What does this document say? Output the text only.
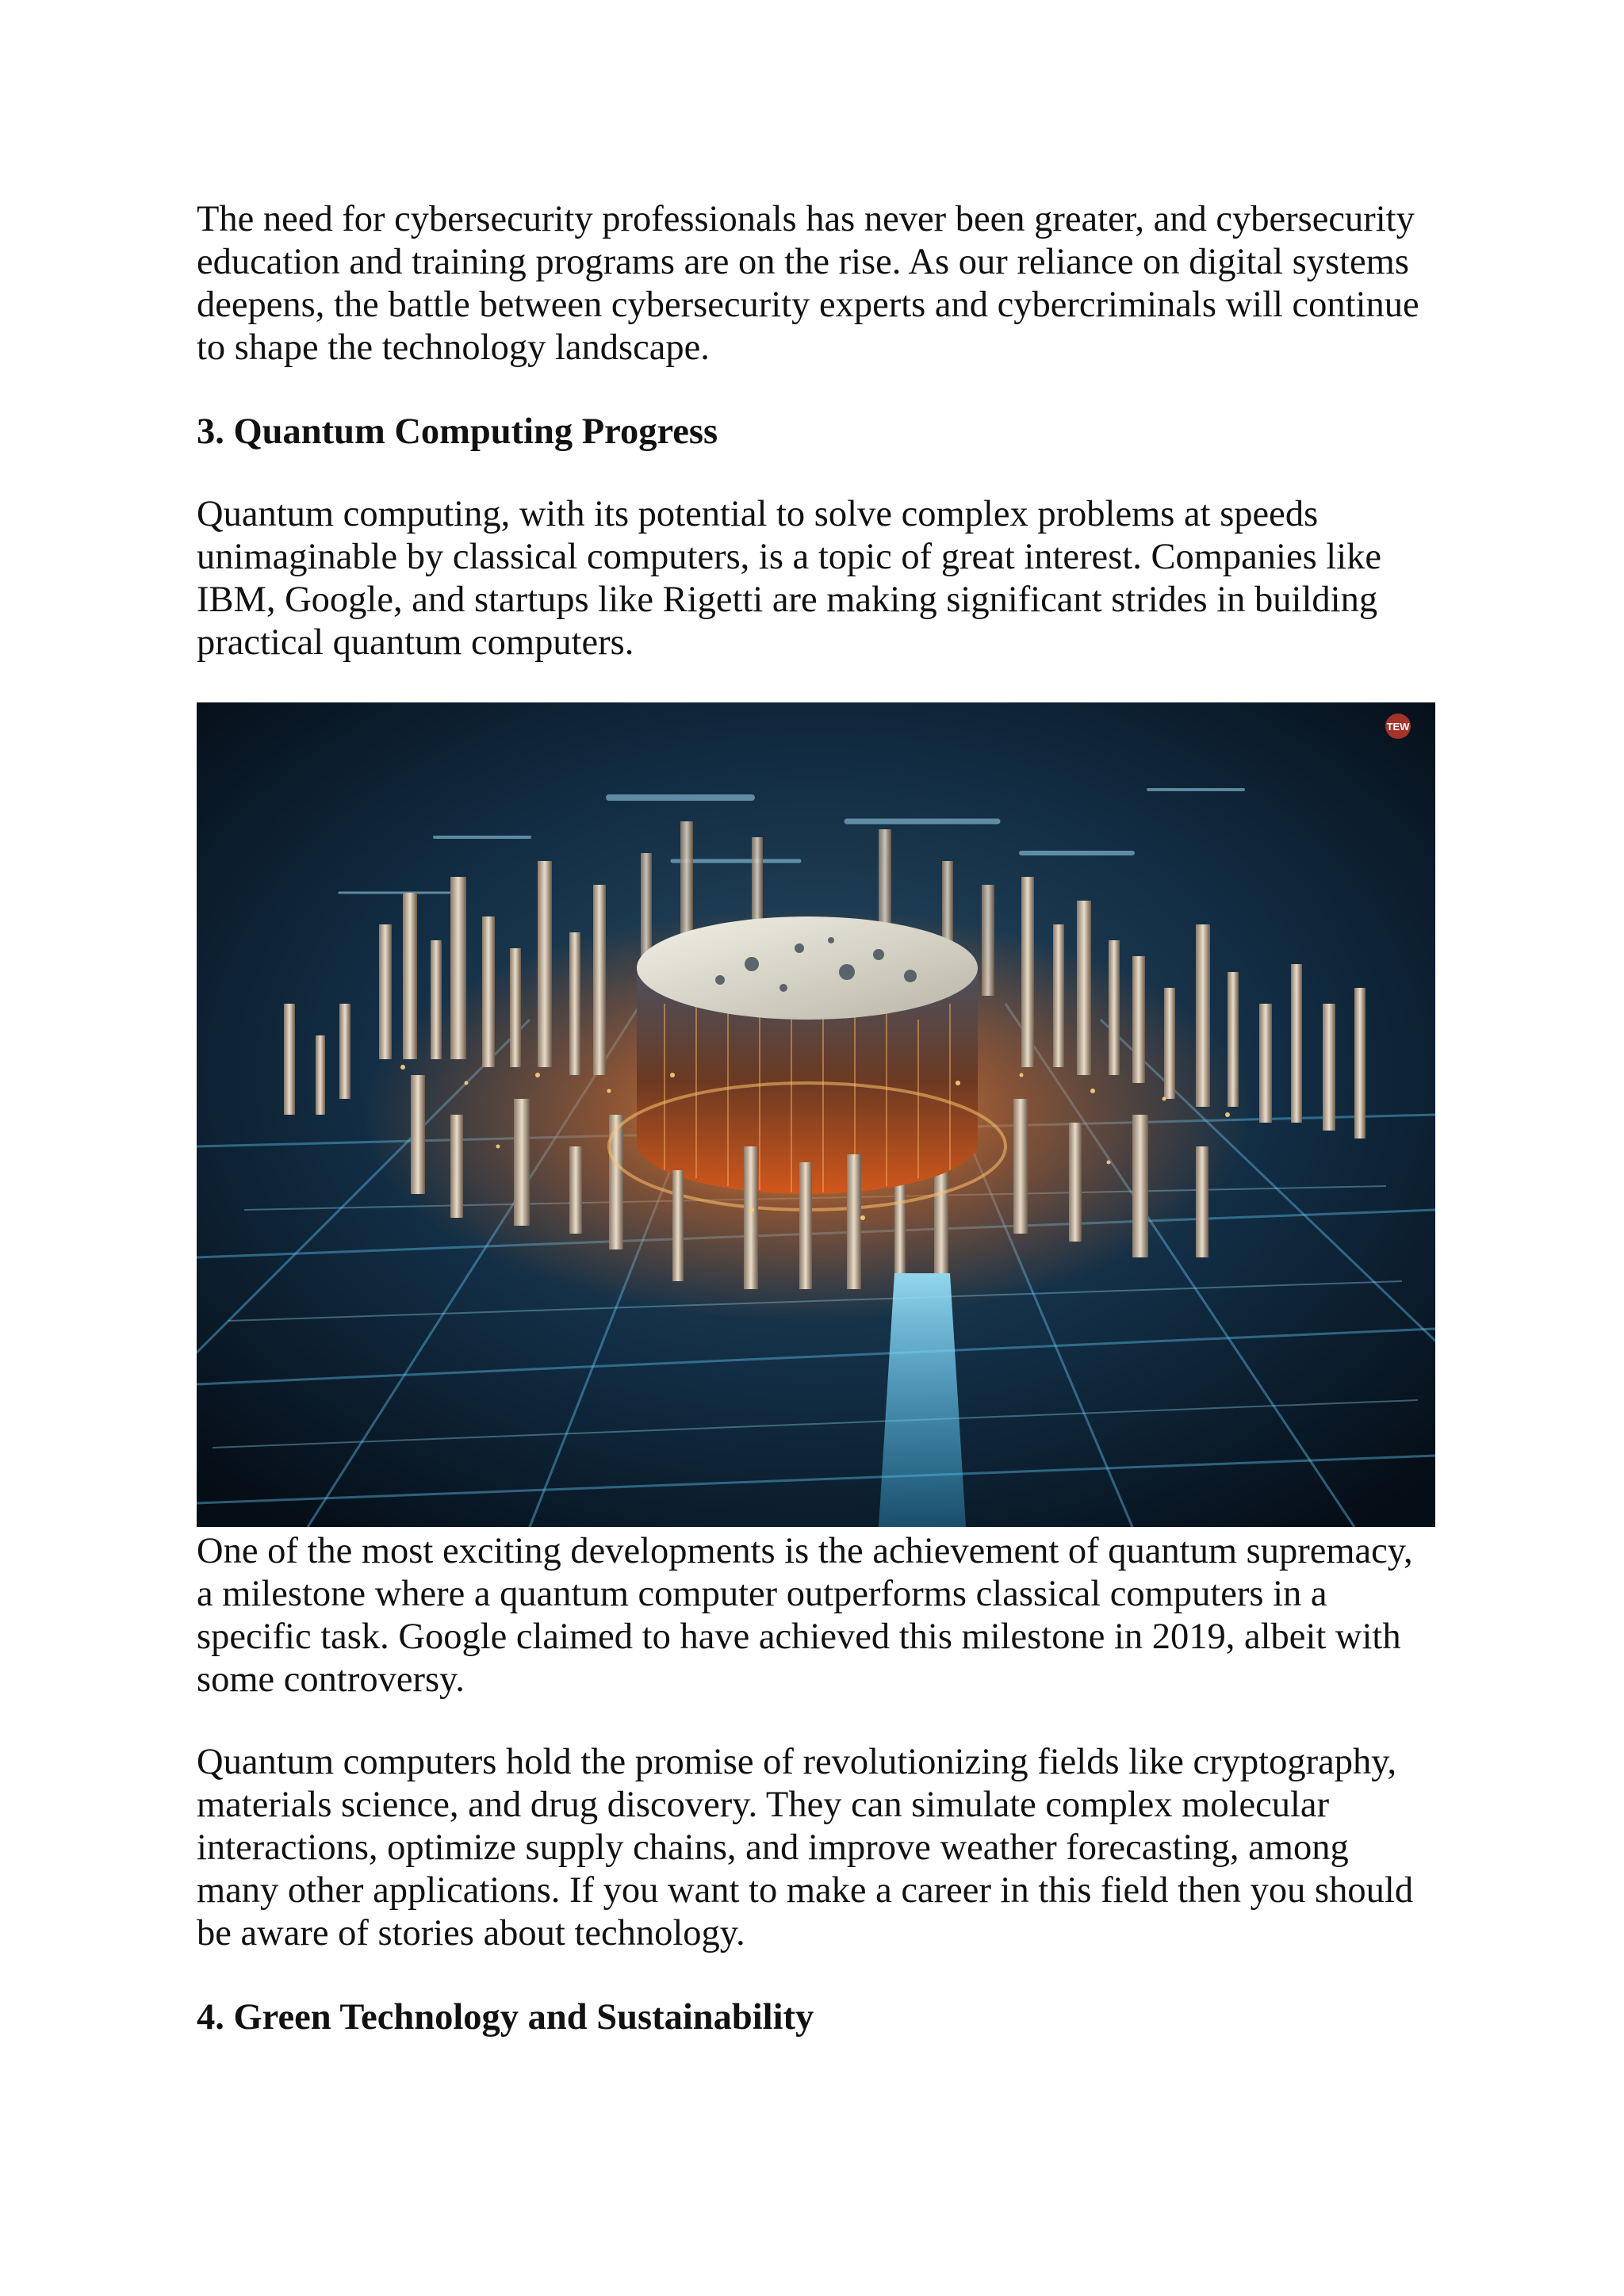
The need for cybersecurity professionals has never been greater, and cybersecurity
education and training programs are on the rise. As our reliance on digital systems
deepens, the battle between cybersecurity experts and cybercriminals will continue
to shape the technology landscape.

3. Quantum Computing Progress

Quantum computing, with its potential to solve complex problems at speeds
unimaginable by classical computers, is a topic of great interest. Companies like
IBM, Google, and startups like Rigetti are making significant strides in building
practical quantum computers.

TEW

One of the most exciting developments is the achievement of quantum supremacy,
a milestone where a quantum computer outperforms classical computers in a
specific task. Google claimed to have achieved this milestone in 2019, albeit with
some controversy.

Quantum computers hold the promise of revolutionizing fields like cryptography,
materials science, and drug discovery. They can simulate complex molecular
interactions, optimize supply chains, and improve weather forecasting, among
many other applications. If you want to make a career in this field then you should
be aware of stories about technology.

4. Green Technology and Sustainability
